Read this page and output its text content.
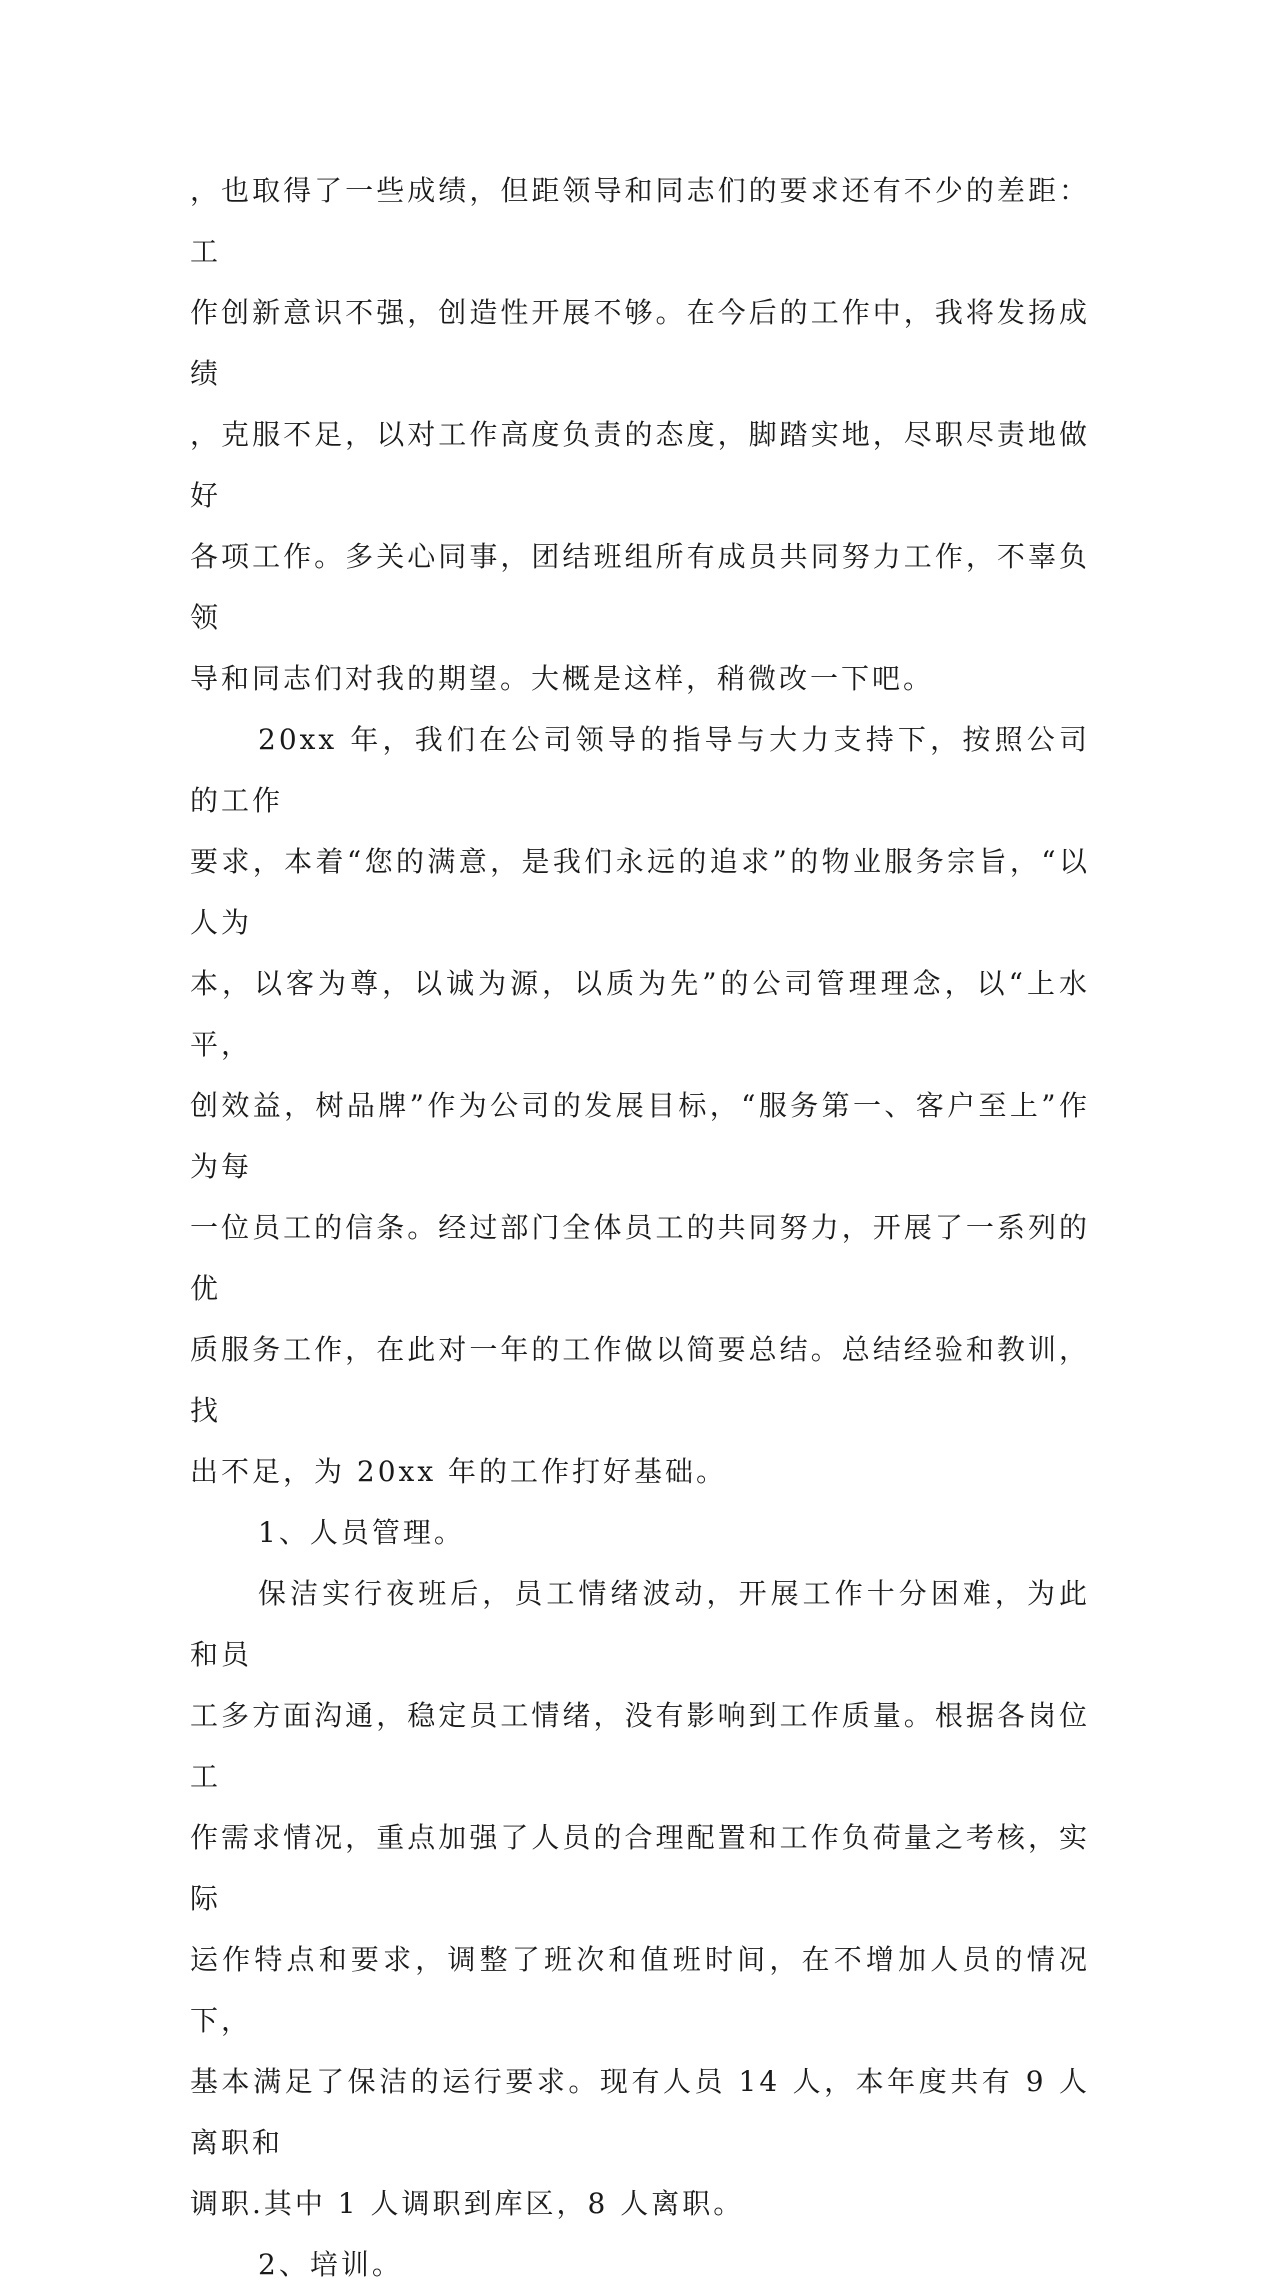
，也取得了一些成绩，但距领导和同志们的要求还有不少的差距：工
作创新意识不强，创造性开展不够。在今后的工作中，我将发扬成绩
，克服不足，以对工作高度负责的态度，脚踏实地，尽职尽责地做好
各项工作。多关心同事，团结班组所有成员共同努力工作，不辜负领
导和同志们对我的期望。大概是这样，稍微改一下吧。

20xx 年，我们在公司领导的指导与大力支持下，按照公司的工作
要求，本着“您的满意，是我们永远的追求”的物业服务宗旨，“以人为
本，以客为尊，以诚为源，以质为先”的公司管理理念，以“上水平，
创效益，树品牌”作为公司的发展目标，“服务第一、客户至上”作为每
一位员工的信条。经过部门全体员工的共同努力，开展了一系列的优
质服务工作，在此对一年的工作做以简要总结。总结经验和教训，找
出不足，为 20xx 年的工作打好基础。

1、人员管理。

保洁实行夜班后，员工情绪波动，开展工作十分困难，为此和员
工多方面沟通，稳定员工情绪，没有影响到工作质量。根据各岗位工
作需求情况，重点加强了人员的合理配置和工作负荷量之考核，实际
运作特点和要求，调整了班次和值班时间，在不增加人员的情况下，
基本满足了保洁的运行要求。现有人员 14 人，本年度共有 9 人离职和
调职.其中 1 人调职到库区，8 人离职。

2、培训。
